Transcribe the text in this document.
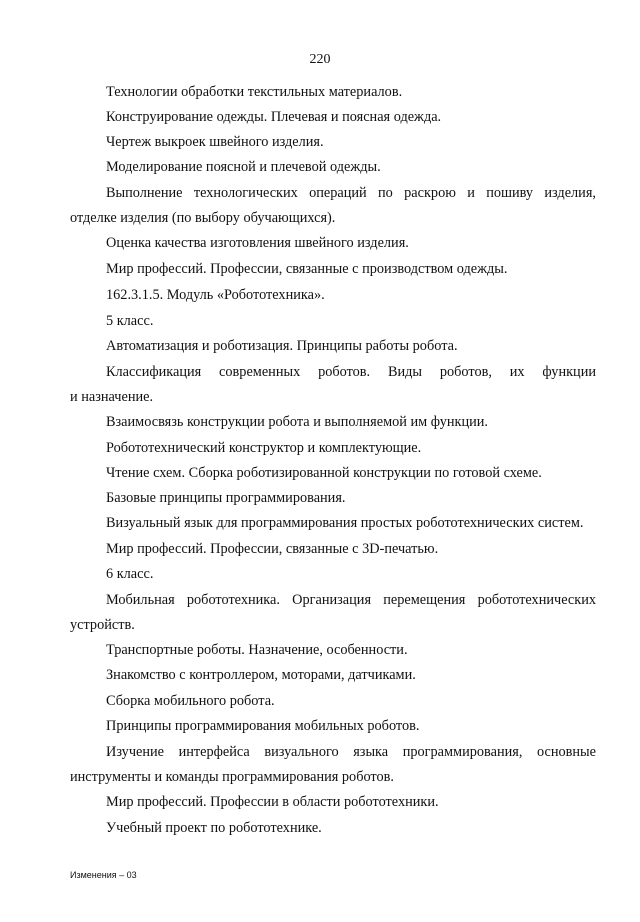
220
Технологии обработки текстильных материалов.
Конструирование одежды. Плечевая и поясная одежда.
Чертеж выкроек швейного изделия.
Моделирование поясной и плечевой одежды.
Выполнение технологических операций по раскрою и пошиву изделия,
отделке изделия (по выбору обучающихся).
Оценка качества изготовления швейного изделия.
Мир профессий. Профессии, связанные с производством одежды.
162.3.1.5. Модуль «Робототехника».
5 класс.
Автоматизация и роботизация. Принципы работы робота.
Классификация современных роботов. Виды роботов, их функции
и назначение.
Взаимосвязь конструкции робота и выполняемой им функции.
Робототехнический конструктор и комплектующие.
Чтение схем. Сборка роботизированной конструкции по готовой схеме.
Базовые принципы программирования.
Визуальный язык для программирования простых робототехнических систем.
Мир профессий. Профессии, связанные с 3D-печатью.
6 класс.
Мобильная робототехника. Организация перемещения робототехнических
устройств.
Транспортные роботы. Назначение, особенности.
Знакомство с контроллером, моторами, датчиками.
Сборка мобильного робота.
Принципы программирования мобильных роботов.
Изучение интерфейса визуального языка программирования, основные
инструменты и команды программирования роботов.
Мир профессий. Профессии в области робототехники.
Учебный проект по робототехнике.
Изменения – 03
